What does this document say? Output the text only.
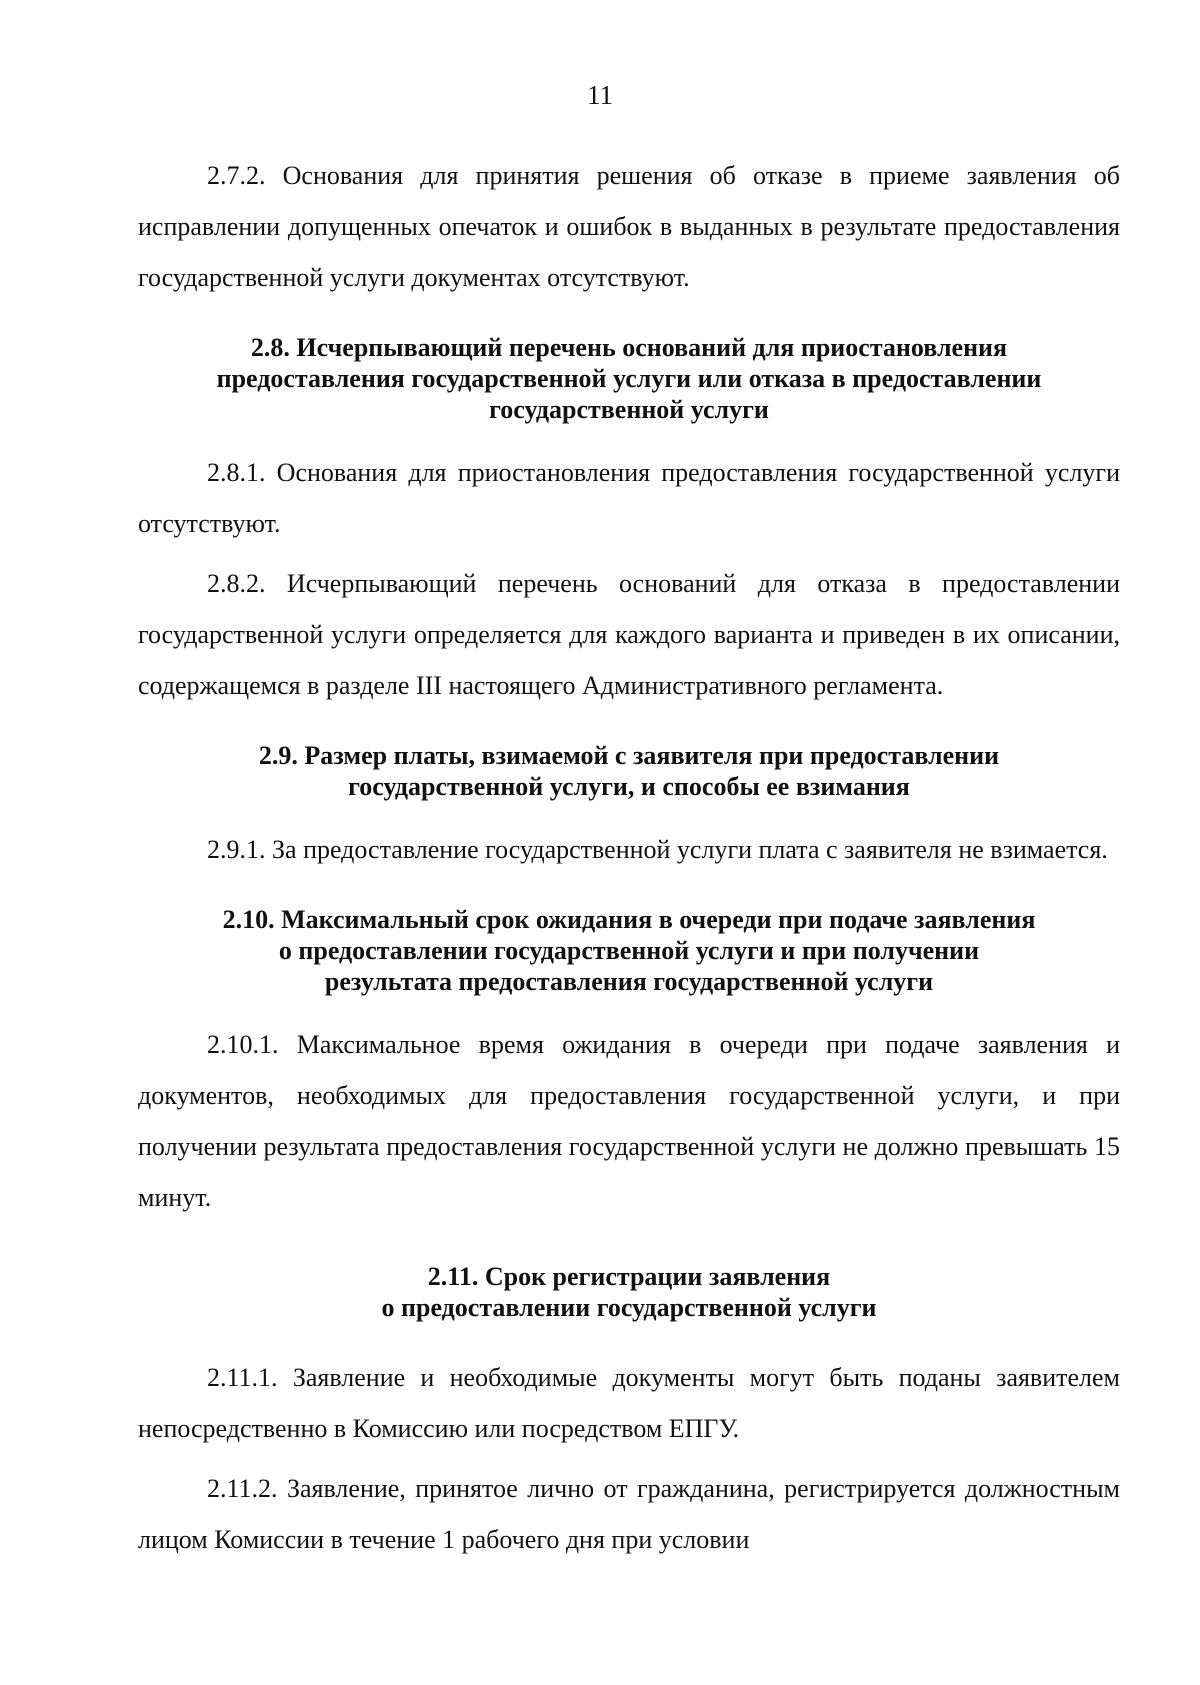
11

2.7.2. Основания для принятия решения об отказе в приеме заявления об исправлении допущенных опечаток и ошибок в выданных в результате предоставления государственной услуги документах отсутствуют.

2.8. Исчерпывающий перечень оснований для приостановления
предоставления государственной услуги или отказа в предоставлении
государственной услуги

2.8.1. Основания для приостановления предоставления государственной услуги отсутствуют.

2.8.2. Исчерпывающий перечень оснований для отказа в предоставлении государственной услуги определяется для каждого варианта и приведен в их описании, содержащемся в разделе III настоящего Административного регламента.

2.9. Размер платы, взимаемой с заявителя при предоставлении
государственной услуги, и способы ее взимания

2.9.1. За предоставление государственной услуги плата с заявителя не взимается.

2.10. Максимальный срок ожидания в очереди при подаче заявления
о предоставлении государственной услуги и при получении
результата предоставления государственной услуги

2.10.1. Максимальное время ожидания в очереди при подаче заявления и документов, необходимых для предоставления государственной услуги, и при получении результата предоставления государственной услуги не должно превышать 15 минут.

2.11. Срок регистрации заявления
о предоставлении государственной услуги

2.11.1. Заявление и необходимые документы могут быть поданы заявителем непосредственно в Комиссию или посредством ЕПГУ.

2.11.2. Заявление, принятое лично от гражданина, регистрируется должностным лицом Комиссии в течение 1 рабочего дня при условии
